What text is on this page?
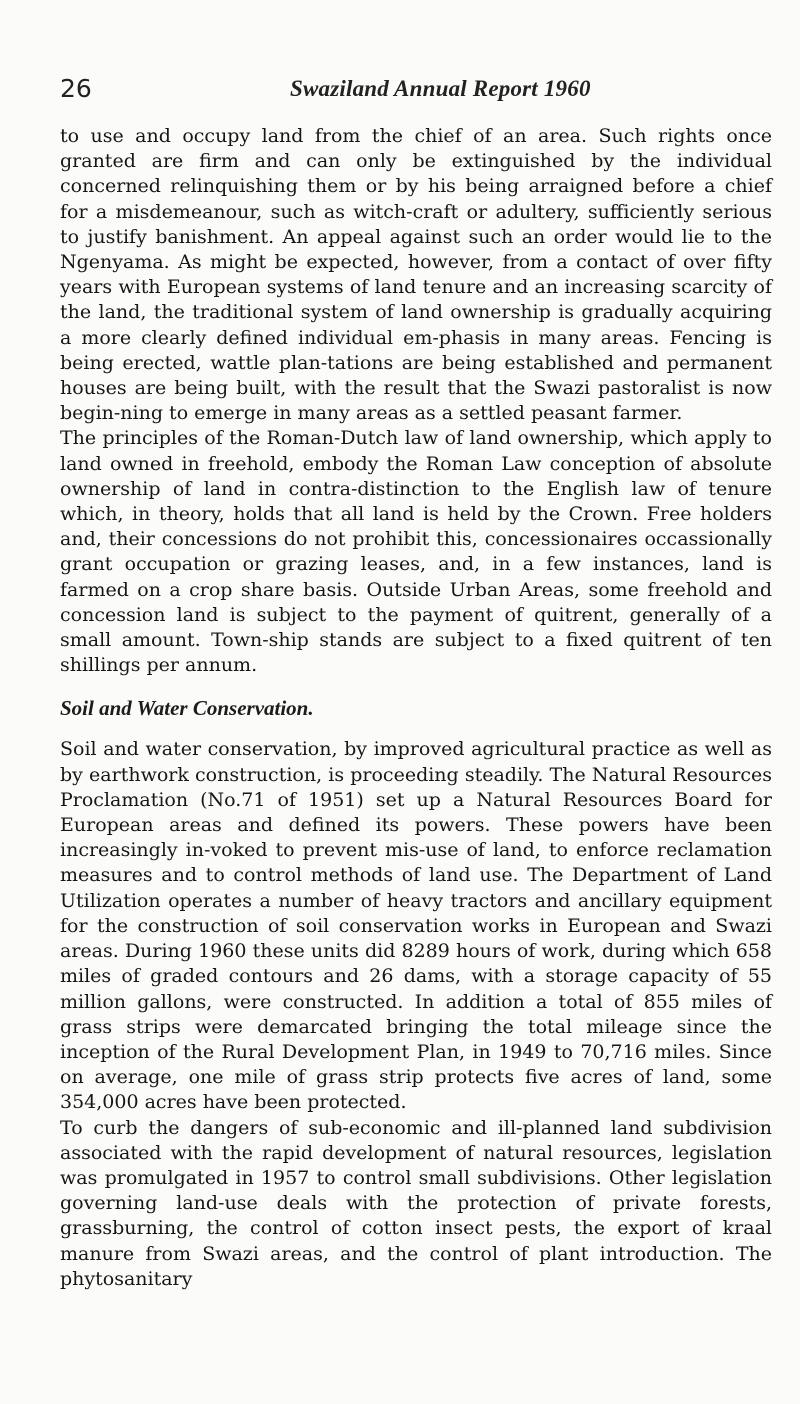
26	Swaziland Annual Report 1960

to use and occupy land from the chief of an area. Such rights once granted are firm and can only be extinguished by the individual concerned relinquishing them or by his being arraigned before a chief for a misdemeanour, such as witch-craft or adultery, sufficiently serious to justify banishment. An appeal against such an order would lie to the Ngenyama. As might be expected, however, from a contact of over fifty years with European systems of land tenure and an increasing scarcity of the land, the traditional system of land ownership is gradually acquiring a more clearly defined individual em-phasis in many areas. Fencing is being erected, wattle plan-tations are being established and permanent houses are being built, with the result that the Swazi pastoralist is now begin-ning to emerge in many areas as a settled peasant farmer.

The principles of the Roman-Dutch law of land ownership, which apply to land owned in freehold, embody the Roman Law conception of absolute ownership of land in contra-distinction to the English law of tenure which, in theory, holds that all land is held by the Crown. Free holders and, their concessions do not prohibit this, concessionaires occassionally grant occupation or grazing leases, and, in a few instances, land is farmed on a crop share basis. Outside Urban Areas, some freehold and concession land is subject to the payment of quitrent, generally of a small amount. Town-ship stands are subject to a fixed quitrent of ten shillings per annum.

Soil and Water Conservation.

Soil and water conservation, by improved agricultural practice as well as by earthwork construction, is proceeding steadily. The Natural Resources Proclamation (No.71 of 1951) set up a Natural Resources Board for European areas and defined its powers. These powers have been increasingly in-voked to prevent mis-use of land, to enforce reclamation measures and to control methods of land use. The Department of Land Utilization operates a number of heavy tractors and ancillary equipment for the construction of soil conservation works in European and Swazi areas. During 1960 these units did 8289 hours of work, during which 658 miles of graded contours and 26 dams, with a storage capacity of 55 million gallons, were constructed. In addition a total of 855 miles of grass strips were demarcated bringing the total mileage since the inception of the Rural Development Plan, in 1949 to 70,716 miles. Since on average, one mile of grass strip protects five acres of land, some 354,000 acres have been protected.

To curb the dangers of sub-economic and ill-planned land subdivision associated with the rapid development of natural resources, legislation was promulgated in 1957 to control small subdivisions. Other legislation governing land-use deals with the protection of private forests, grassburning, the control of cotton insect pests, the export of kraal manure from Swazi areas, and the control of plant introduction. The phytosanitary
